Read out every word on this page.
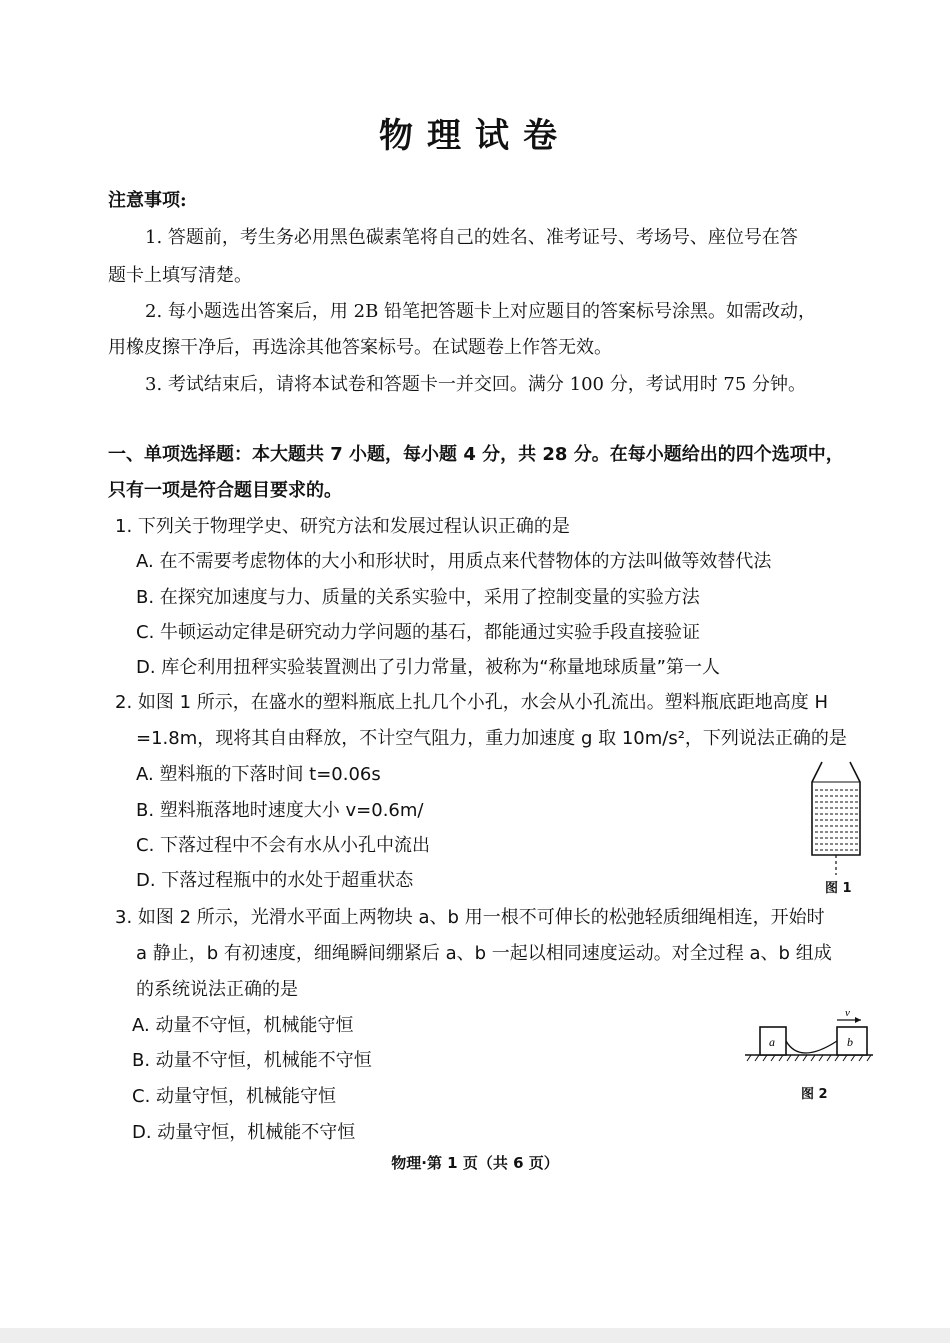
物理试卷
注意事项:
1. 答题前，考生务必用黑色碳素笔将自己的姓名、准考证号、考场号、座位号在答
题卡上填写清楚。
2. 每小题选出答案后，用 2B 铅笔把答题卡上对应题目的答案标号涂黑。如需改动，
用橡皮擦干净后，再选涂其他答案标号。在试题卷上作答无效。
3. 考试结束后，请将本试卷和答题卡一并交回。满分 100 分，考试用时 75 分钟。
一、单项选择题：本大题共 7 小题，每小题 4 分，共 28 分。在每小题给出的四个选项中，
只有一项是符合题目要求的。
1. 下列关于物理学史、研究方法和发展过程认识正确的是
A. 在不需要考虑物体的大小和形状时，用质点来代替物体的方法叫做等效替代法
B. 在探究加速度与力、质量的关系实验中，采用了控制变量的实验方法
C. 牛顿运动定律是研究动力学问题的基石，都能通过实验手段直接验证
D. 库仑利用扭秤实验装置测出了引力常量，被称为“称量地球质量”第一人
2. 如图 1 所示，在盛水的塑料瓶底上扎几个小孔，水会从小孔流出。塑料瓶底距地高度 H
=1.8m，现将其自由释放，不计空气阻力，重力加速度 g 取 10m/s²，下列说法正确的是
A. 塑料瓶的下落时间 t=0.06s
B. 塑料瓶落地时速度大小 v=0.6m/
C. 下落过程中不会有水从小孔中流出
D. 下落过程瓶中的水处于超重状态	图 1
3. 如图 2 所示，光滑水平面上两物块 a、b 用一根不可伸长的松弛轻质细绳相连，开始时
a 静止，b 有初速度，细绳瞬间绷紧后 a、b 一起以相同速度运动。对全过程 a、b 组成
的系统说法正确的是
A. 动量不守恒，机械能守恒
B. 动量不守恒，机械能不守恒
C. 动量守恒，机械能守恒
D. 动量守恒，机械能不守恒
a	b
v
图 2
物理·第 1 页（共 6 页）
